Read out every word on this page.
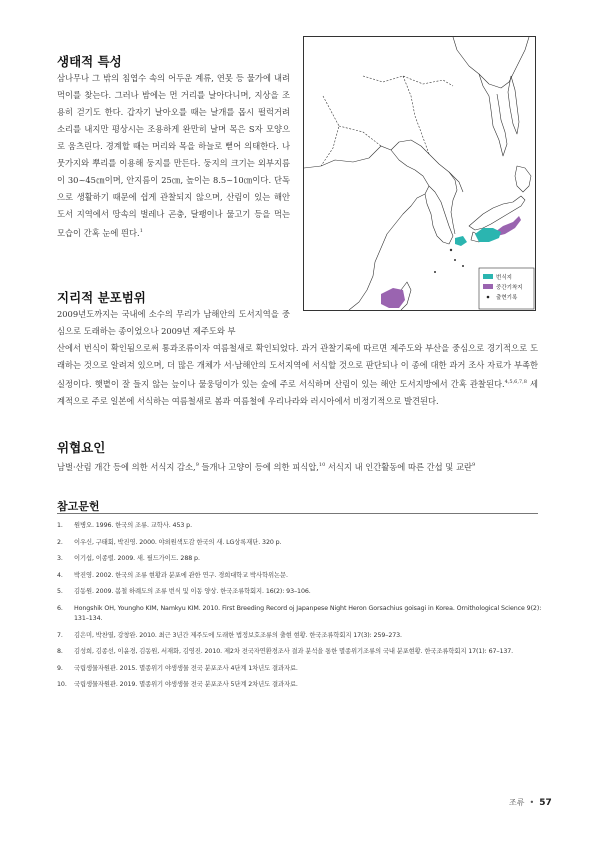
생태적 특성

삼나무나 그 밖의 침엽수 속의 어두운 계류, 연못 등 물가에 내려 먹이를 찾는다. 그러나 밤에는 먼 거리를 날아다니며, 지상을 조용히 걷기도 한다. 갑자기 날아오를 때는 날개를 몹시 펄럭거려 소리를 내지만 평상시는 조용하게 완만히 날며 목은 S자 모양으로 움츠린다. 경계할 때는 머리와 목을 하늘로 뻗어 의태한다. 나뭇가지와 뿌리를 이용해 둥지를 만든다. 둥지의 크기는 외부지름이 30~45㎝이며, 안지름이 25㎝, 높이는 8.5~10㎝이다. 단독으로 생활하기 때문에 쉽게 관찰되지 않으며, 산림이 있는 해안 도서 지역에서 땅속의 벌레나 곤충, 달팽이나 물고기 등을 먹는 모습이 간혹 눈에 띈다.$^1$

번식지
중간기착지
출현기록
지리적 분포범위

2009년도까지는 국내에 소수의 무리가 남해안의 도서지역을 중심으로 도래하는 종이었으나 2009년 제주도와 부

산에서 번식이 확인됨으로써 통과조류이자 여름철새로 확인되었다. 과거 관찰기록에 따르면 제주도와 부산을 중심으로 경기적으로 도래하는 것으로 알려져 있으며, 더 많은 개체가 서·남해안의 도서지역에 서식할 것으로 판단되나 이 종에 대한 과거 조사 자료가 부족한 실정이다. 햇볕이 잘 들지 않는 늪이나 물웅덩이가 있는 숲에 주로 서식하며 산림이 있는 해안 도서지방에서 간혹 관찰된다.$^{4,5,6,7,8}$ 세계적으로 주로 일본에 서식하는 여름철새로 봄과 여름철에 우리나라와 러시아에서 비정기적으로 발견된다.

위협요인

남벌·산림 개간 등에 의한 서식지 감소,$^9$ 들개나 고양이 등에 의한 피식압,$^{10}$ 서식지 내 인간활동에 따른 간섭 및 교란$^9$

참고문헌
1.	원병오. 1996. 한국의 조류. 교학사. 453 p.
2.	이우신, 구태회, 박진영. 2000. 야외원색도감 한국의 새. LG상록재단. 320 p.
3.	이기섭, 이종렬. 2009. 새. 필드가이드. 288 p.
4.	박진영. 2002. 한국의 조류 현황과 분포에 관한 연구. 경희대학교 박사학위논문.
5.	김동원. 2009. 봄철 하례도의 조류 번식 및 이동 양상. 한국조류학회지. 16(2): 93–106.
6.	Hongshik OH, Youngho KIM, Namkyu KIM. 2010. First Breeding Record oj Japanpese Night Heron Gorsachius goisagi in Korea. Ornithological Science 9(2): 131–134.
7.	김은미, 박찬열, 강창완. 2010. 최근 3년간 제주도에 도래한 법정보호조류의 출현 현황. 한국조류학회지 17(3): 259–273.
8.	김성희, 김종선, 이윤경, 김동원, 서재화, 김영진. 2010. 제2차 전국자연환경조사 결과 분석을 통한 멸종위기조류의 국내 분포현황. 한국조류학회지 17(1): 67–137.
9.	국립생물자원관. 2015. 멸종위기 야생생물 전국 분포조사 4단계 1차년도 결과자료.
10.	국립생물자원관. 2019. 멸종위기 야생생물 전국 분포조사 5단계 2차년도 결과자료.
조류 • 57
